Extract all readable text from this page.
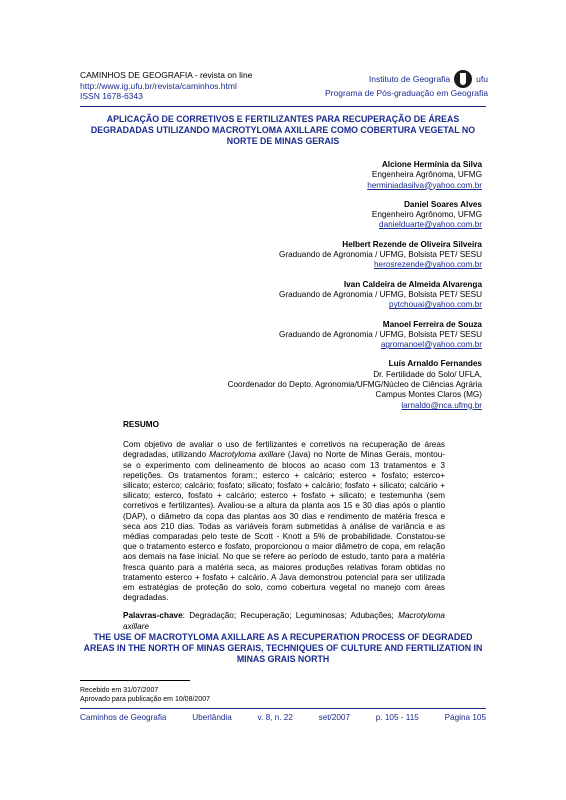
CAMINHOS DE GEOGRAFIA - revista on line
http://www.ig.ufu.br/revista/caminhos.html
ISSN 1678-6343
Instituto de Geografia	ufu
Programa de Pós-graduação em Geografia
APLICAÇÃO DE CORRETIVOS E FERTILIZANTES PARA RECUPERAÇÃO DE ÁREAS DEGRADADAS UTILIZANDO MACROTYLOMA AXILLARE COMO COBERTURA VEGETAL NO NORTE DE MINAS GERAIS
Alcione Hermínia da Silva
Engenheira Agrônoma, UFMG
herminiadasilva@yahoo.com.br
Daniel Soares Alves
Engenheiro Agrônomo, UFMG
danielduarte@yahoo.com.br
Helbert Rezende de Oliveira Silveira
Graduando de Agronomia / UFMG, Bolsista PET/ SESU
herosrezende@yahoo.com.br
Ivan Caldeira de Almeida Alvarenga
Graduando de Agronomia / UFMG, Bolsista PET/ SESU
pytchouai@yahoo.com.br
Manoel Ferreira de Souza
Graduando de Agronomia / UFMG, Bolsista PET/ SESU
agromanoel@yahoo.com.br
Luís Arnaldo Fernandes
Dr. Fertilidade do Solo/ UFLA,
Coordenador do Depto. Agronomia/UFMG/Núcleo de Ciências Agrária
Campus Montes Claros (MG)
larnaldo@nca.ufmg.br
RESUMO

Com objetivo de avaliar o uso de fertilizantes e corretivos na recuperação de áreas degradadas, utilizando Macrotyloma axillare (Java) no Norte de Minas Gerais, montou-se o experimento com delineamento de blocos ao acaso com 13 tratamentos e 3 repetições. Os tratamentos foram:; esterco + calcário; esterco + fosfato; esterco+ silicato; esterco; calcário; fosfato; silicato; fosfato + calcário; fosfato + silicato; calcário + silicato; esterco, fosfato + calcário; esterco + fosfato + silicato; e testemunha (sem corretivos e fertilizantes). Avaliou-se a altura da planta aos 15 e 30 dias após o plantio (DAP), o diâmetro da copa das plantas aos 30 dias e rendimento de matéria fresca e seca aos 210 dias. Todas as variáveis foram submetidas à análise de variância e as médias comparadas pelo teste de Scott - Knott a 5% de probabilidade. Constatou-se que o tratamento esterco e fosfato, proporcionou o maior diâmetro de copa, em relação aos demais na fase inicial. No que se refere ao período de estudo, tanto para a matéria fresca quanto para a matéria seca, as maiores produções relativas foram obtidas no tratamento esterco + fosfato + calcário. A Java demonstrou potencial para ser utilizada em estratégias de proteção do solo, como cobertura vegetal no manejo com áreas degradadas.

Palavras-chave: Degradação; Recuperação; Leguminosas; Adubações; Macrotyloma axillare

THE USE OF MACROTYLOMA AXILLARE AS A RECUPERATION PROCESS OF DEGRADED AREAS IN THE NORTH OF MINAS GERAIS, TECHNIQUES OF CULTURE AND FERTILIZATION IN MINAS GRAIS NORTH
Recebido em 31/07/2007
Aprovado para publicação em 10/08/2007
Caminhos de Geografia	Uberlândia	v. 8, n. 22	set/2007	p. 105 - 115	Página 105
